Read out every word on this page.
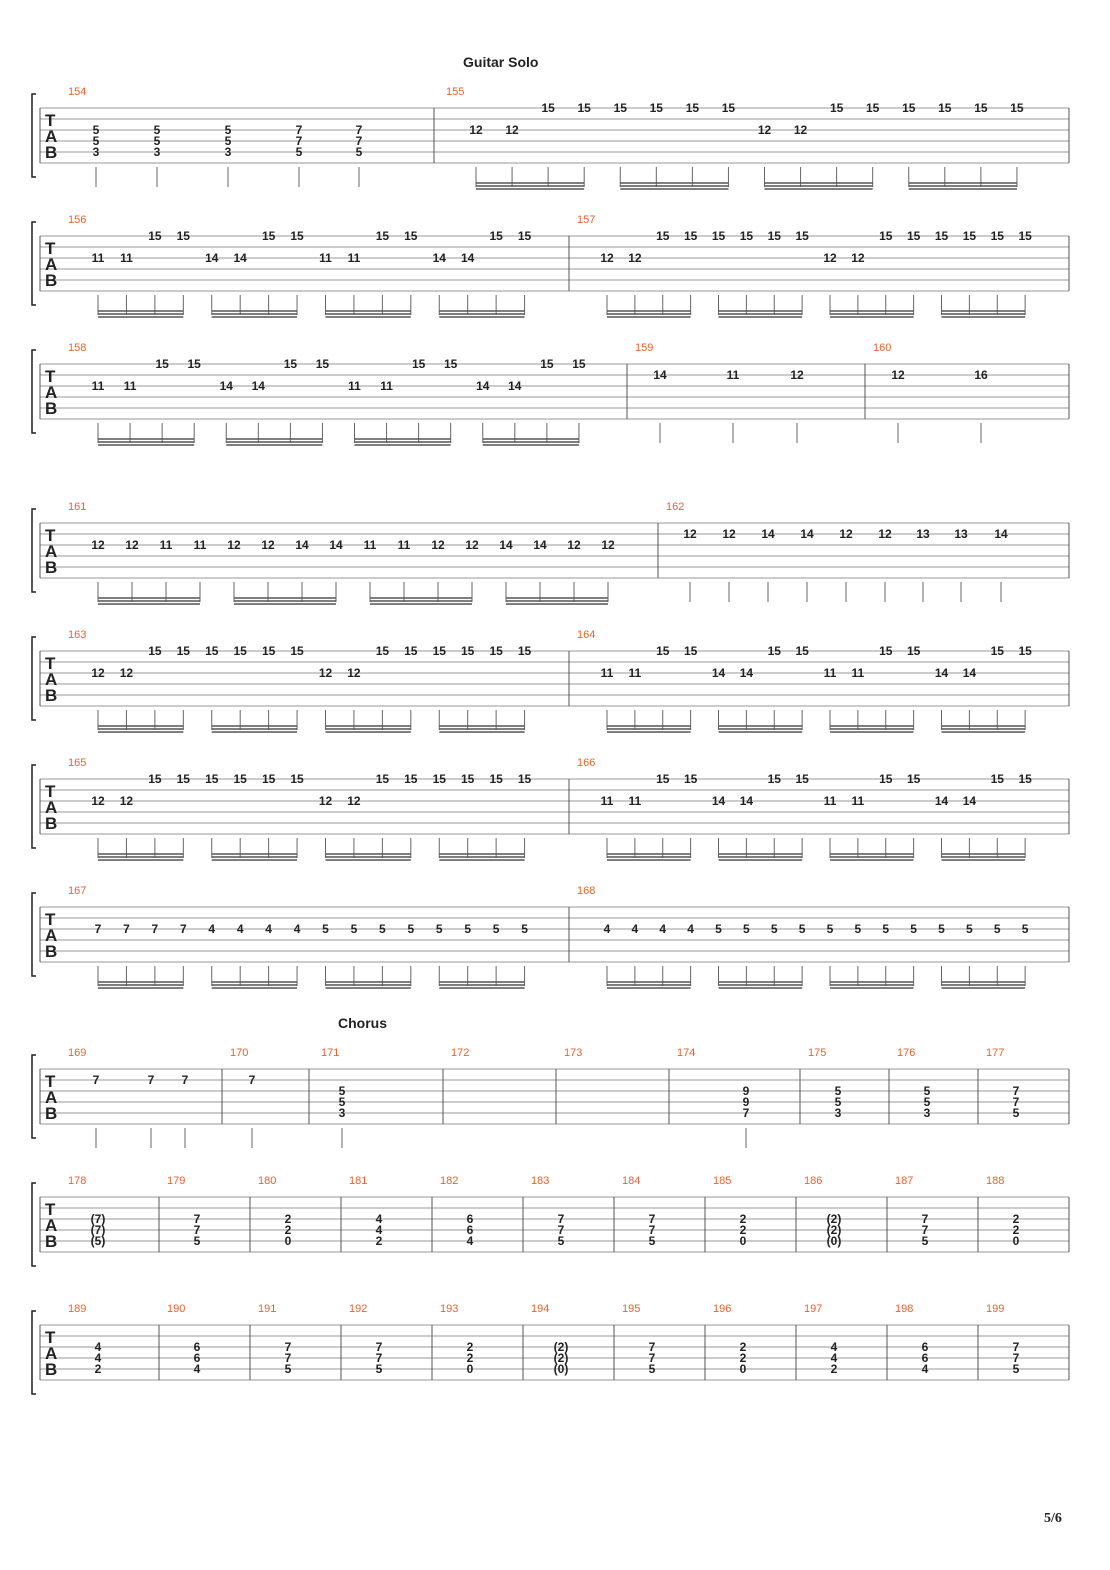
Guitar Solo
Chorus
T
A
B
154
5
5
3
5
5
3
5
5
3
7
7
5
7
7
5
155
12 12
15 15 15 15 15 15
12 12
15 15 15 15 15 15
T
A
B
156
11 11
15 15
14 14
15 15
11 11
15 15
14 14
15 15
157
12 12
15 15 15 15 15 15
12 12
15 15 15 15 15 15
T
A
B
158
11 11
15 15
14 14
15 15
11 11
15 15
14 14
15 15
159
14	11	12
160
12	16
T
A
B
161
12 12 11 11 12 12 14 14 11 11 12 12 14 14 12 12
162
12 12 14 14 12 12 13 13 14
T
A
B
163
12 12
15 15 15 15 15 15
12 12
15 15 15 15 15 15
164
11 11
15 15
14 14
15 15
11 11
15 15
14 14
15 15
T
A
B
165
12 12
15 15 15 15 15 15
12 12
15 15 15 15 15 15
166
11 11
15 15
14 14
15 15
11 11
15 15
14 14
15 15
T
A
B
167
7 7 7 7 4 4 4 4 5 5 5 5 5 5 5 5
168
4 4 4 4 5 5 5 5 5 5 5 5 5 5 5 5
T
A
B
169
7	7 7
170
7
171
5
5
3
172	173	174
9
9
7
175
5
5
3
176
5
5
3
177
7
7
5
T
A
B
178
(7)
(7)
(5)
179
7
7
5
180
2
2
0
181
4
4
2
182
6
6
4
183
7
7
5
184
7
7
5
185
2
2
0
186
(2)
(2)
(0)
187
7
7
5
188
2
2
0
T
A
B
189
4
4
2
190
6
6
4
191
7
7
5
192
7
7
5
193
2
2
0
194
(2)
(2)
(0)
195
7
7
5
196
2
2
0
197
4
4
2
198
6
6
4
199
7
7
5
5/6
